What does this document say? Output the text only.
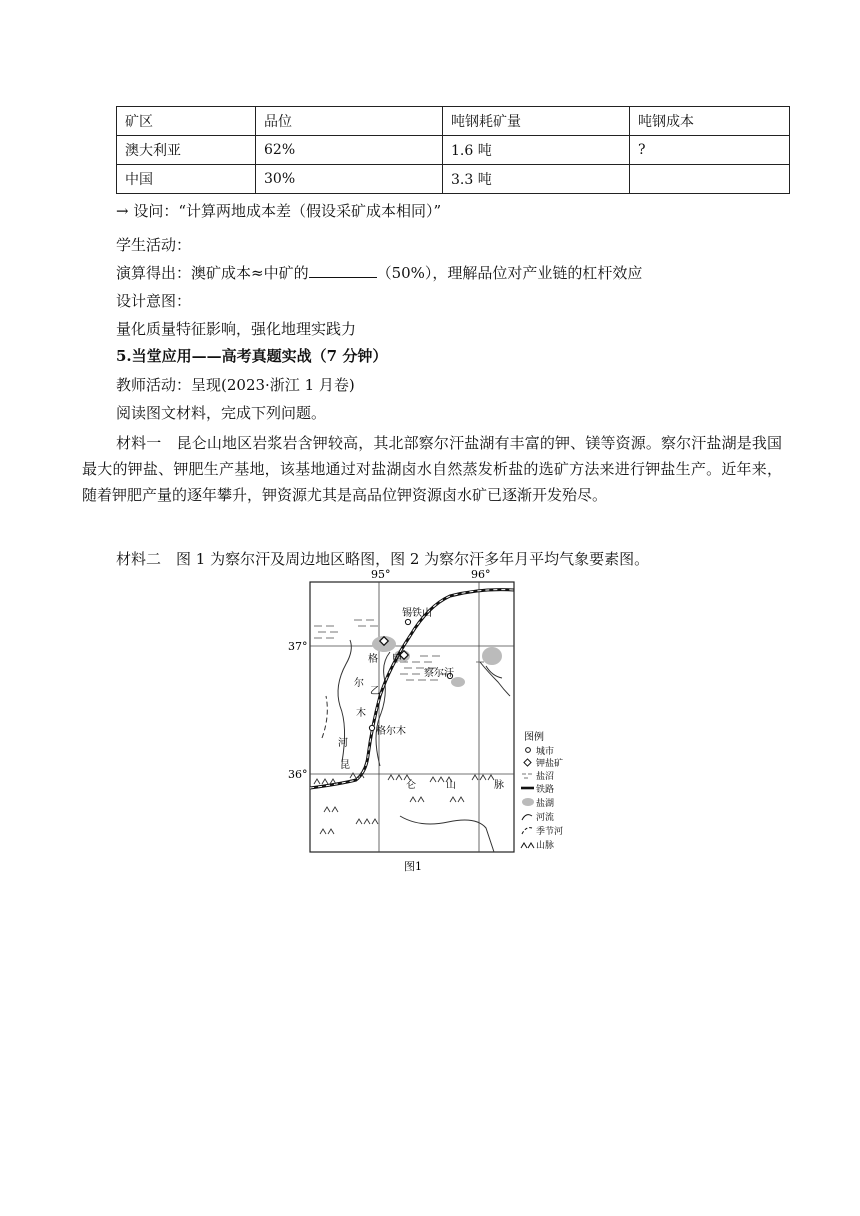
矿区	品位	吨钢耗矿量	吨钢成本
澳大利亚	62%	1.6 吨	?
中国	30%	3.3 吨	
→ 设问：“计算两地成本差（假设采矿成本相同）”
学生活动：
演算得出：澳矿成本≈中矿的	（50%），理解品位对产业链的杠杆效应
设计意图：
量化质量特征影响，强化地理实践力
5.当堂应用——高考真题实战（7 分钟）
教师活动：呈现(2023·浙江 1 月卷)
阅读图文材料，完成下列问题。
材料一　昆仑山地区岩浆岩含钾较高，其北部察尔汗盐湖有丰富的钾、镁等资源。察尔汗盐湖是我国最大的钾盐、钾肥生产基地，该基地通过对盐湖卤水自然蒸发析盐的选矿方法来进行钾盐生产。近年来，随着钾肥产量的逐年攀升，钾资源尤其是高品位钾资源卤水矿已逐渐开发殆尽。
材料二　图 1 为察尔汗及周边地区略图，图 2 为察尔汗多年月平均气象要素图。
95°	96°
37°
36°
锡铁山
察尔汗
格尔木
格
尔
木
河
昆
仑	山	脉
甲
乙
图例
城市
钾盐矿
盐沼
铁路
盐湖
河流
季节河
山脉
图1
